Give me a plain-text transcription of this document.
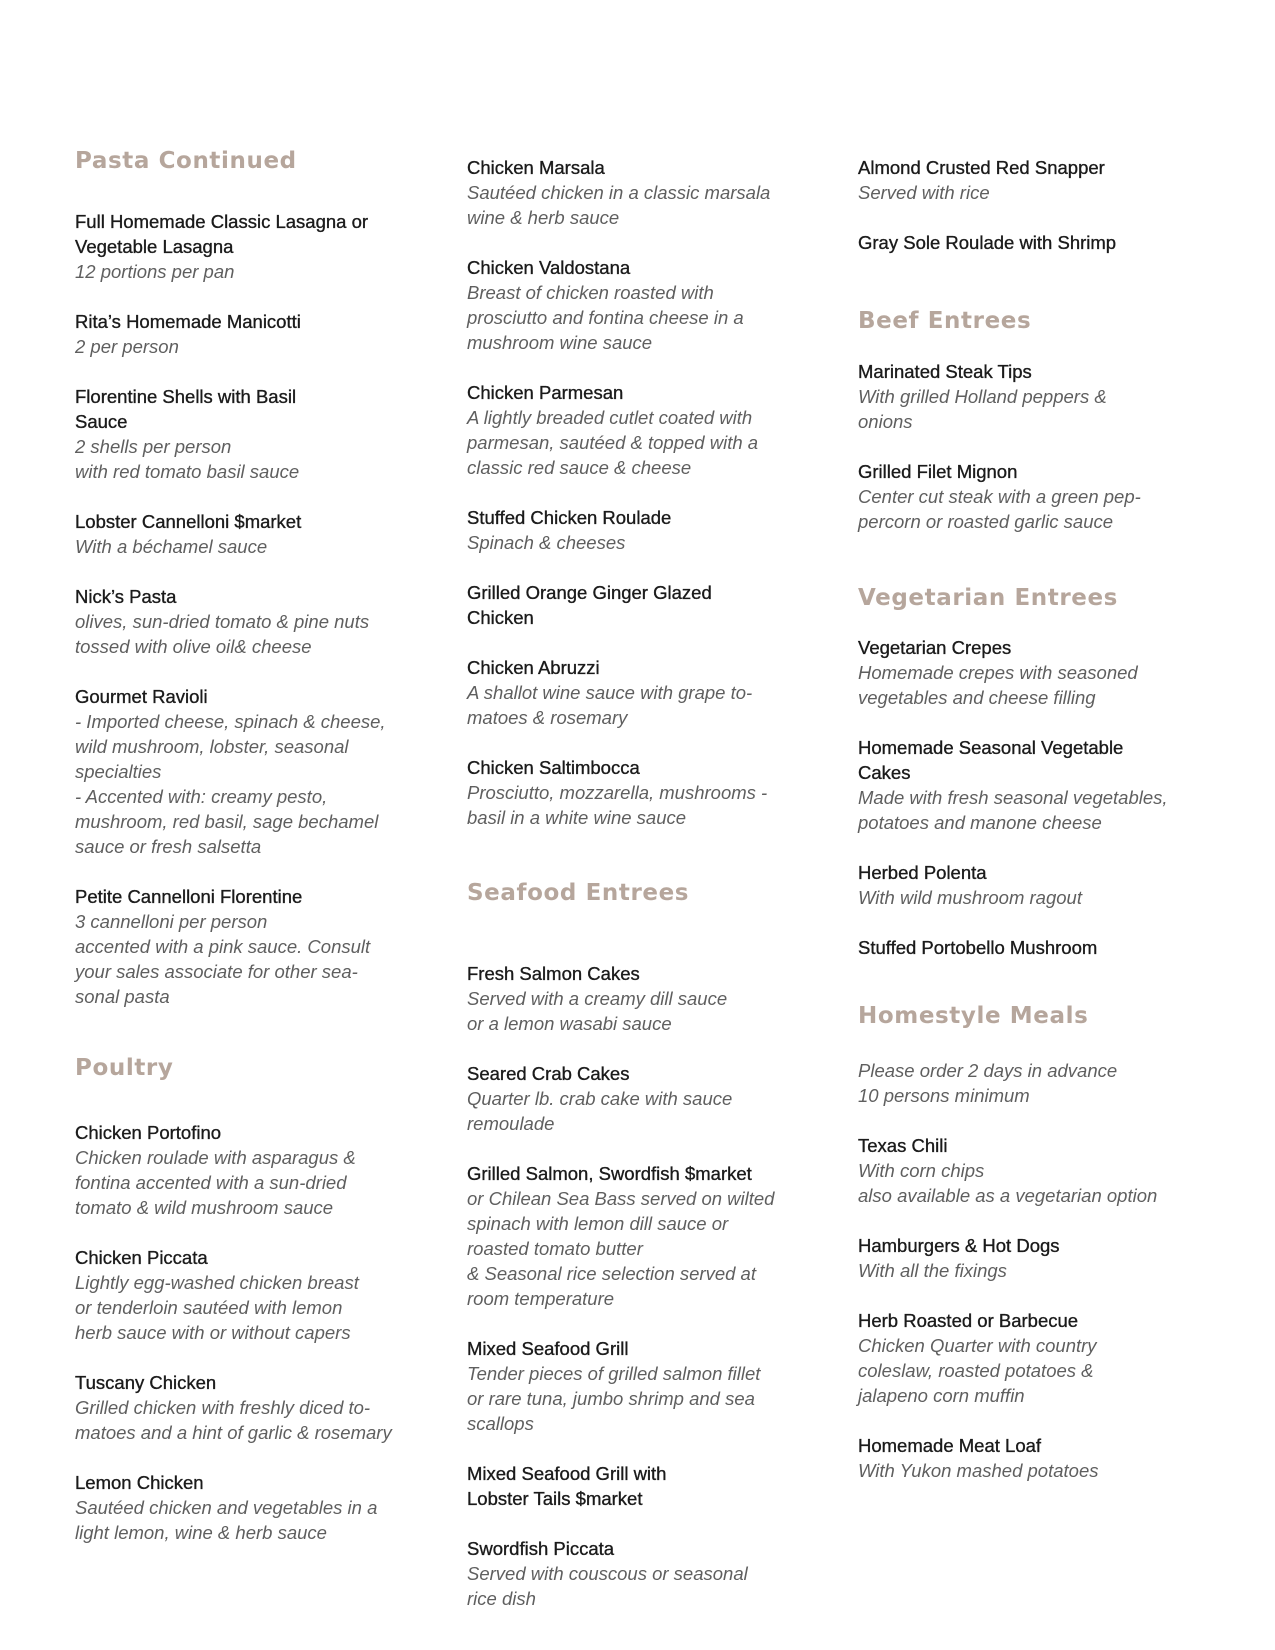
Pasta Continued
Full Homemade Classic Lasagna or
Vegetable Lasagna
12 portions per pan
Rita’s Homemade Manicotti
2 per person
Florentine Shells with Basil
Sauce
2 shells per person
with red tomato basil sauce
Lobster Cannelloni $market
With a béchamel sauce
Nick’s Pasta
olives, sun-dried tomato & pine nuts
tossed with olive oil& cheese
Gourmet Ravioli
- Imported cheese, spinach & cheese,
wild mushroom, lobster, seasonal
specialties
- Accented with: creamy pesto,
mushroom, red basil, sage bechamel
sauce or fresh salsetta
Petite Cannelloni Florentine
3 cannelloni per person
accented with a pink sauce. Consult
your sales associate for other sea-
sonal pasta
Poultry
Chicken Portofino
Chicken roulade with asparagus &
fontina accented with a sun-dried
tomato & wild mushroom sauce
Chicken Piccata
Lightly egg-washed chicken breast
or tenderloin sautéed with lemon
herb sauce with or without capers
Tuscany Chicken
Grilled chicken with freshly diced to-
matoes and a hint of garlic & rosemary
Lemon Chicken
Sautéed chicken and vegetables in a
light lemon, wine & herb sauce
Chicken Marsala
Sautéed chicken in a classic marsala
wine & herb sauce
Chicken Valdostana
Breast of chicken roasted with
prosciutto and fontina cheese in a
mushroom wine sauce
Chicken Parmesan
A lightly breaded cutlet coated with
parmesan, sautéed & topped with a
classic red sauce & cheese
Stuffed Chicken Roulade
Spinach & cheeses
Grilled Orange Ginger Glazed
Chicken
Chicken Abruzzi
A shallot wine sauce with grape to-
matoes & rosemary
Chicken Saltimbocca
Prosciutto, mozzarella, mushrooms -
basil in a white wine sauce
Seafood Entrees
Fresh Salmon Cakes
Served with a creamy dill sauce
or a lemon wasabi sauce
Seared Crab Cakes
Quarter lb. crab cake with sauce
remoulade
Grilled Salmon, Swordfish $market
or Chilean Sea Bass served on wilted
spinach with lemon dill sauce or
roasted tomato butter
& Seasonal rice selection served at
room temperature
Mixed Seafood Grill
Tender pieces of grilled salmon fillet
or rare tuna, jumbo shrimp and sea
scallops
Mixed Seafood Grill with
Lobster Tails $market
Swordfish Piccata
Served with couscous or seasonal
rice dish
Almond Crusted Red Snapper
Served with rice
Gray Sole Roulade with Shrimp
Beef Entrees
Marinated Steak Tips
With grilled Holland peppers &
onions
Grilled Filet Mignon
Center cut steak with a green pep-
percorn or roasted garlic sauce
Vegetarian Entrees
Vegetarian Crepes
Homemade crepes with seasoned
vegetables and cheese filling
Homemade Seasonal Vegetable
Cakes
Made with fresh seasonal vegetables,
potatoes and manone cheese
Herbed Polenta
With wild mushroom ragout
Stuffed Portobello Mushroom
Homestyle Meals
Please order 2 days in advance
10 persons minimum
Texas Chili
With corn chips
also available as a vegetarian option
Hamburgers & Hot Dogs
With all the fixings
Herb Roasted or Barbecue
Chicken Quarter with country
coleslaw, roasted potatoes &
jalapeno corn muffin
Homemade Meat Loaf
With Yukon mashed potatoes
